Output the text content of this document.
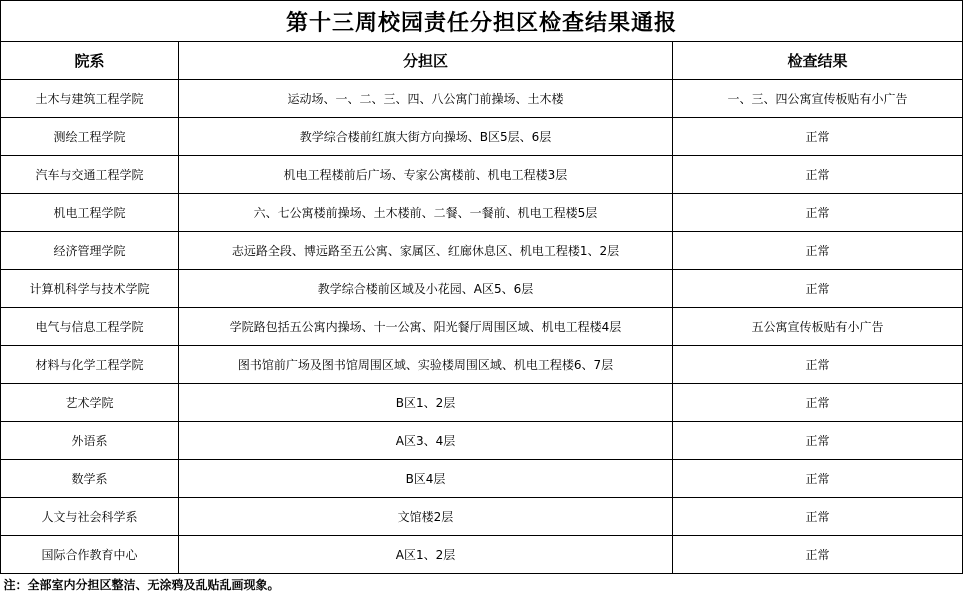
第十三周校园责任分担区检查结果通报		
院系	分担区	检查结果
土木与建筑工程学院	运动场、一、二、三、四、八公寓门前操场、土木楼	一、三、四公寓宣传板贴有小广告
测绘工程学院	教学综合楼前红旗大街方向操场、B区5层、6层	正常
汽车与交通工程学院	机电工程楼前后广场、专家公寓楼前、机电工程楼3层	正常
机电工程学院	六、七公寓楼前操场、土木楼前、二餐、一餐前、机电工程楼5层	正常
经济管理学院	志远路全段、博远路至五公寓、家属区、红廊休息区、机电工程楼1、2层	正常
计算机科学与技术学院	教学综合楼前区域及小花园、A区5、6层	正常
电气与信息工程学院	学院路包括五公寓内操场、十一公寓、阳光餐厅周围区域、机电工程楼4层	五公寓宣传板贴有小广告
材料与化学工程学院	图书馆前广场及图书馆周围区域、实验楼周围区域、机电工程楼6、7层	正常
艺术学院	B区1、2层	正常
外语系	A区3、4层	正常
数学系	B区4层	正常
人文与社会科学系	文馆楼2层	正常
国际合作教育中心	A区1、2层	正常
注：全部室内分担区整洁、无涂鸦及乱贴乱画现象。		
